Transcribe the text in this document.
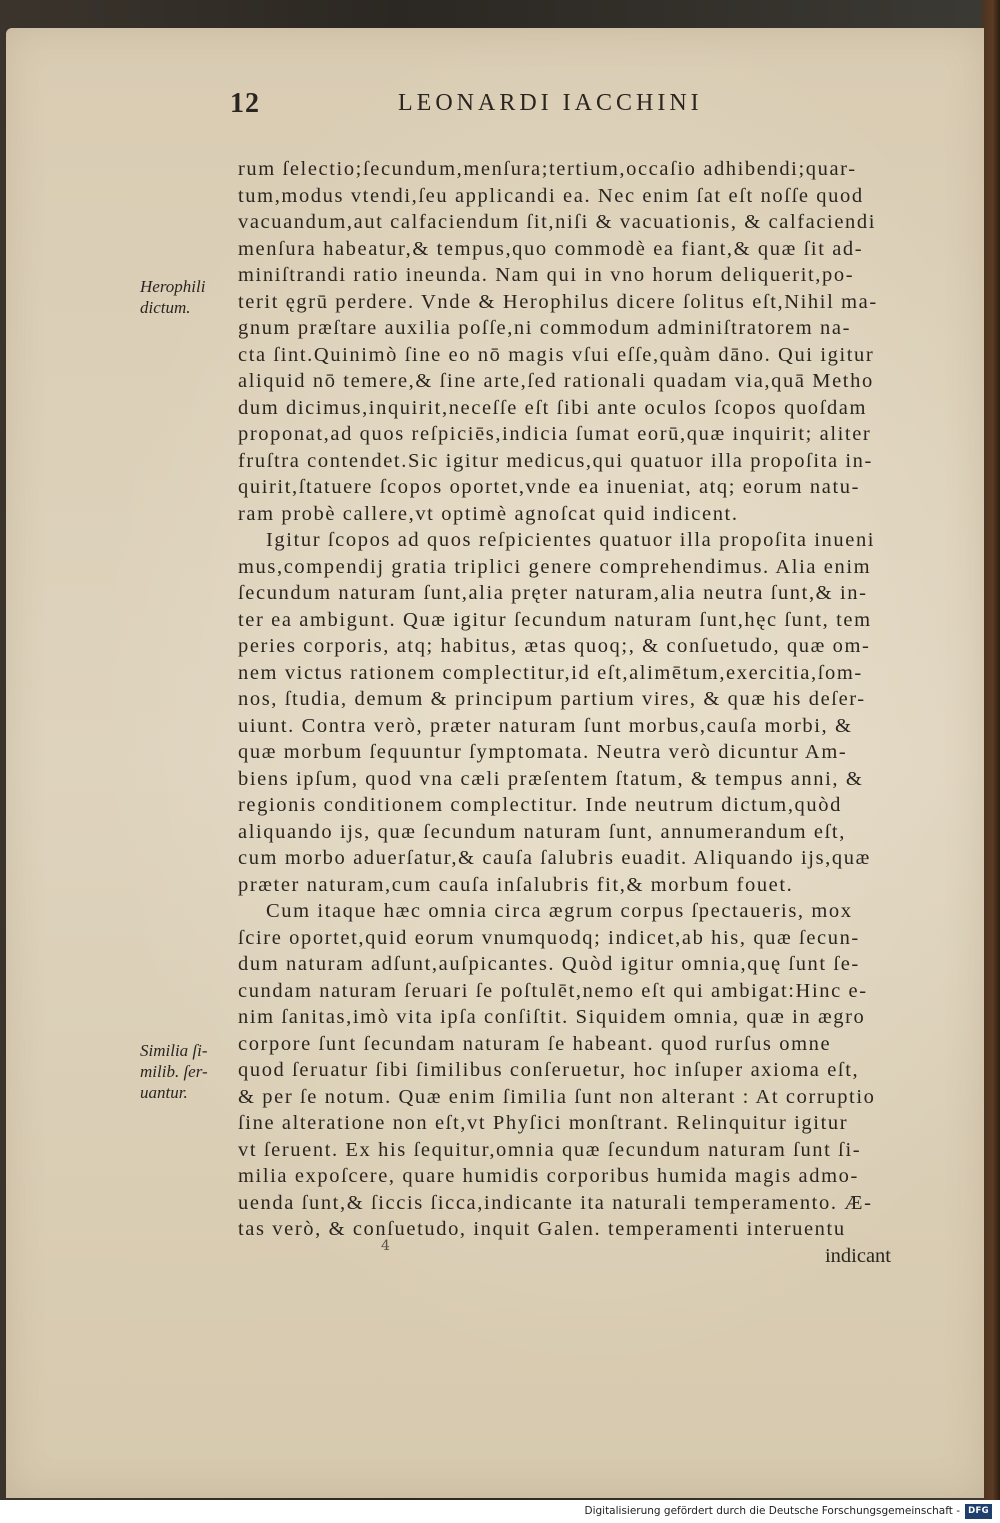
12	LEONARDI IACCHINI
Herophili
dictum.
Similia ſi-
milib. ſer-
uantur.
rum ſelectio;ſecundum,menſura;tertium,occaſio adhibendi;quar-
tum,modus vtendi,ſeu applicandi ea. Nec enim ſat eſt noſſe quod
vacuandum,aut calfaciendum ſit,niſi & vacuationis, & calfaciendi
menſura habeatur,& tempus,quo commodè ea fiant,& quæ ſit ad-
miniſtrandi ratio ineunda. Nam qui in vno horum deliquerit,po-
terit ęgrū perdere. Vnde & Herophilus dicere ſolitus eſt,Nihil ma-
gnum præſtare auxilia poſſe,ni commodum adminiſtratorem na-
cta ſint.Quinimò ſine eo nō magis vſui eſſe,quàm dāno. Qui igitur
aliquid nō temere,& ſine arte,ſed rationali quadam via,quā Metho
dum dicimus,inquirit,neceſſe eſt ſibi ante oculos ſcopos quoſdam
proponat,ad quos reſpiciēs,indicia ſumat eorū,quæ inquirit; aliter
fruſtra contendet.Sic igitur medicus,qui quatuor illa propoſita in-
quirit,ſtatuere ſcopos oportet,vnde ea inueniat, atq; eorum natu-
ram probè callere,vt optimè agnoſcat quid indicent.
Igitur ſcopos ad quos reſpicientes quatuor illa propoſita inueni
mus,compendij gratia triplici genere comprehendimus. Alia enim
ſecundum naturam ſunt,alia pręter naturam,alia neutra ſunt,& in-
ter ea ambigunt. Quæ igitur ſecundum naturam ſunt,hęc ſunt, tem
peries corporis, atq; habitus, ætas quoq;, & conſuetudo, quæ om-
nem victus rationem complectitur,id eſt,alimētum,exercitia,ſom-
nos, ſtudia, demum & principum partium vires, & quæ his deſer-
uiunt. Contra verò, præter naturam ſunt morbus,cauſa morbi, &
quæ morbum ſequuntur ſymptomata. Neutra verò dicuntur Am-
biens ipſum, quod vna cæli præſentem ſtatum, & tempus anni, &
regionis conditionem complectitur. Inde neutrum dictum,quòd
aliquando ijs, quæ ſecundum naturam ſunt, annumerandum eſt,
cum morbo aduerſatur,& cauſa ſalubris euadit. Aliquando ijs,quæ
præter naturam,cum cauſa inſalubris fit,& morbum fouet.
Cum itaque hæc omnia circa ægrum corpus ſpectaueris, mox
ſcire oportet,quid eorum vnumquodq; indicet,ab his, quæ ſecun-
dum naturam adſunt,auſpicantes. Quòd igitur omnia,quę ſunt ſe-
cundam naturam ſeruari ſe poſtulēt,nemo eſt qui ambigat:Hinc e-
nim ſanitas,imò vita ipſa conſiſtit. Siquidem omnia, quæ in ægro
corpore ſunt ſecundam naturam ſe habeant. quod rurſus omne
quod ſeruatur ſibi ſimilibus conſeruetur, hoc inſuper axioma eſt,
& per ſe notum. Quæ enim ſimilia ſunt non alterant : At corruptio
ſine alteratione non eſt,vt Phyſici monſtrant. Relinquitur igitur
vt ſeruent. Ex his ſequitur,omnia quæ ſecundum naturam ſunt ſi-
milia expoſcere, quare humidis corporibus humida magis admo-
uenda ſunt,& ſiccis ſicca,indicante ita naturali temperamento. Æ-
tas verò, & conſuetudo, inquit Galen. temperamenti interuentu
indicant
4
Digitalisierung gefördert durch die Deutsche Forschungsgemeinschaft - DFG
